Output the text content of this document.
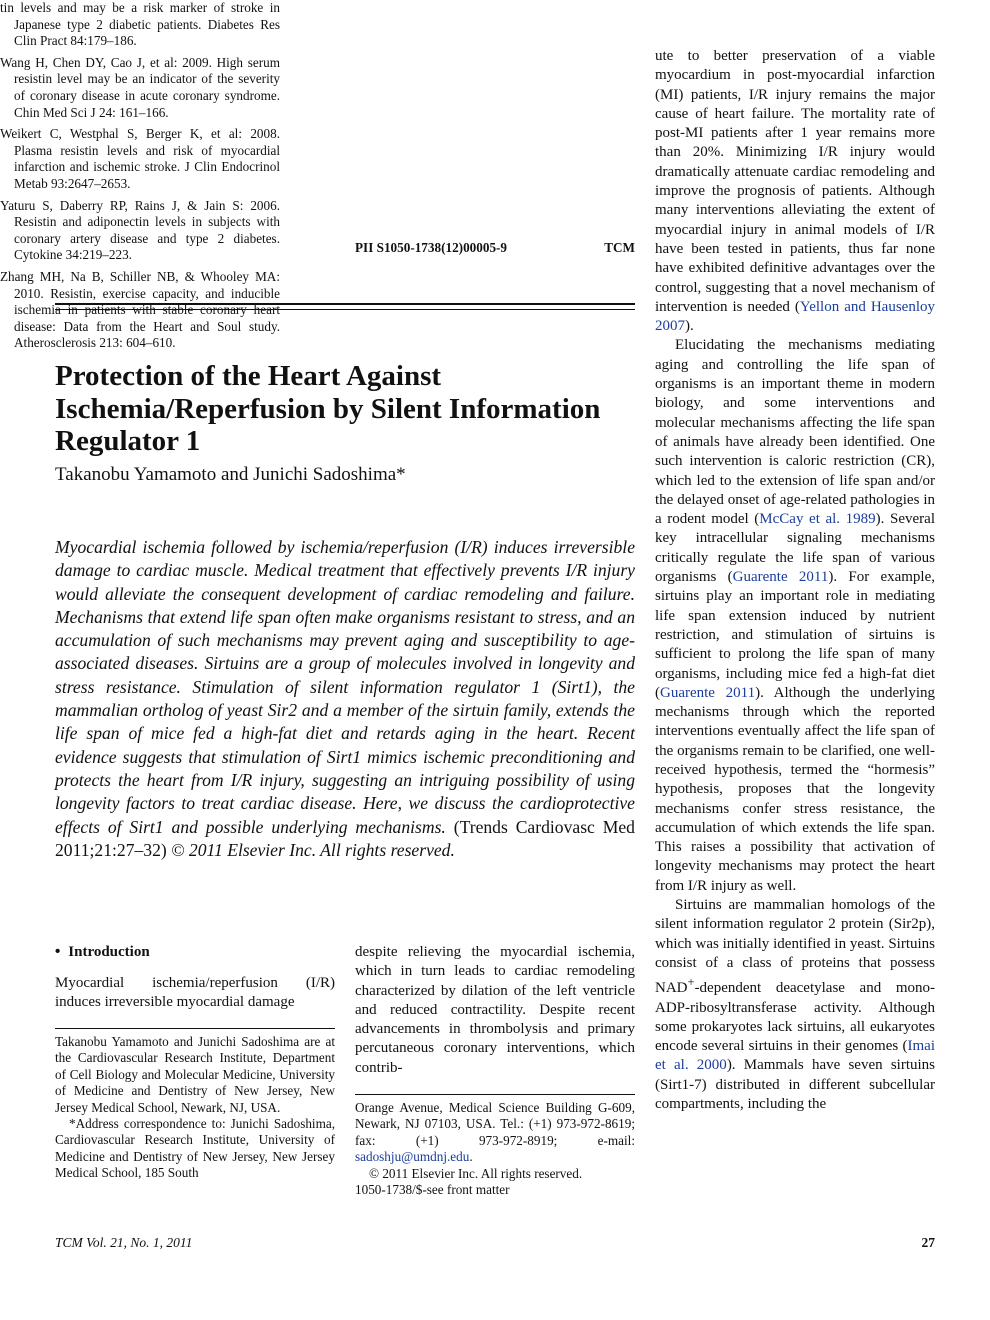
tin levels and may be a risk marker of stroke in Japanese type 2 diabetic patients. Diabetes Res Clin Pract 84:179–186.

Wang H, Chen DY, Cao J, et al: 2009. High serum resistin level may be an indicator of the severity of coronary disease in acute coronary syndrome. Chin Med Sci J 24: 161–166.

Weikert C, Westphal S, Berger K, et al: 2008. Plasma resistin levels and risk of myocardial infarction and ischemic stroke. J Clin Endocrinol Metab 93:2647–2653.

Yaturu S, Daberry RP, Rains J, & Jain S: 2006. Resistin and adiponectin levels in subjects with coronary artery disease and type 2 diabetes. Cytokine 34:219–223.

Zhang MH, Na B, Schiller NB, & Whooley MA: 2010. Resistin, exercise capacity, and inducible ischemia in patients with stable coronary heart disease: Data from the Heart and Soul study. Atherosclerosis 213: 604–610.

PII S1050-1738(12)00005-9	TCM
Protection of the Heart Against Ischemia/Reperfusion by Silent Information Regulator 1
Takanobu Yamamoto and Junichi Sadoshima*

Myocardial ischemia followed by ischemia/reperfusion (I/R) induces irreversible damage to cardiac muscle. Medical treatment that effectively prevents I/R injury would alleviate the consequent development of cardiac remodeling and failure. Mechanisms that extend life span often make organisms resistant to stress, and an accumulation of such mechanisms may prevent aging and susceptibility to age-associated diseases. Sirtuins are a group of molecules involved in longevity and stress resistance. Stimulation of silent information regulator 1 (Sirt1), the mammalian ortholog of yeast Sir2 and a member of the sirtuin family, extends the life span of mice fed a high-fat diet and retards aging in the heart. Recent evidence suggests that stimulation of Sirt1 mimics ischemic preconditioning and protects the heart from I/R injury, suggesting an intriguing possibility of using longevity factors to treat cardiac disease. Here, we discuss the cardioprotective effects of Sirt1 and possible underlying mechanisms. (Trends Cardiovasc Med 2011;21:27–32) © 2011 Elsevier Inc. All rights reserved.

• Introduction

Myocardial ischemia/reperfusion (I/R) induces irreversible myocardial damage

Takanobu Yamamoto and Junichi Sadoshima are at the Cardiovascular Research Institute, Department of Cell Biology and Molecular Medicine, University of Medicine and Dentistry of New Jersey, New Jersey Medical School, Newark, NJ, USA.

*Address correspondence to: Junichi Sadoshima, Cardiovascular Research Institute, University of Medicine and Dentistry of New Jersey, New Jersey Medical School, 185 South

despite relieving the myocardial ischemia, which in turn leads to cardiac remodeling characterized by dilation of the left ventricle and reduced contractility. Despite recent advancements in thrombolysis and primary percutaneous coronary interventions, which contrib-

Orange Avenue, Medical Science Building G-609, Newark, NJ 07103, USA. Tel.: (+1) 973-972-8619; fax: (+1) 973-972-8919; e-mail: sadoshju@umdnj.edu.

© 2011 Elsevier Inc. All rights reserved.

1050-1738/$-see front matter

ute to better preservation of a viable myocardium in post-myocardial infarction (MI) patients, I/R injury remains the major cause of heart failure. The mortality rate of post-MI patients after 1 year remains more than 20%. Minimizing I/R injury would dramatically attenuate cardiac remodeling and improve the prognosis of patients. Although many interventions alleviating the extent of myocardial injury in animal models of I/R have been tested in patients, thus far none have exhibited definitive advantages over the control, suggesting that a novel mechanism of intervention is needed (Yellon and Hausenloy 2007).

Elucidating the mechanisms mediating aging and controlling the life span of organisms is an important theme in modern biology, and some interventions and molecular mechanisms affecting the life span of animals have already been identified. One such intervention is caloric restriction (CR), which led to the extension of life span and/or the delayed onset of age-related pathologies in a rodent model (McCay et al. 1989). Several key intracellular signaling mechanisms critically regulate the life span of various organisms (Guarente 2011). For example, sirtuins play an important role in mediating life span extension induced by nutrient restriction, and stimulation of sirtuins is sufficient to prolong the life span of many organisms, including mice fed a high-fat diet (Guarente 2011). Although the underlying mechanisms through which the reported interventions eventually affect the life span of the organisms remain to be clarified, one well-received hypothesis, termed the “hormesis” hypothesis, proposes that the longevity mechanisms confer stress resistance, the accumulation of which extends the life span. This raises a possibility that activation of longevity mechanisms may protect the heart from I/R injury as well.

Sirtuins are mammalian homologs of the silent information regulator 2 protein (Sir2p), which was initially identified in yeast. Sirtuins consist of a class of proteins that possess NAD+-dependent deacetylase and mono-ADP-ribosyltransferase activity. Although some prokaryotes lack sirtuins, all eukaryotes encode several sirtuins in their genomes (Imai et al. 2000). Mammals have seven sirtuins (Sirt1-7) distributed in different subcellular compartments, including the

TCM Vol. 21, No. 1, 2011	27
